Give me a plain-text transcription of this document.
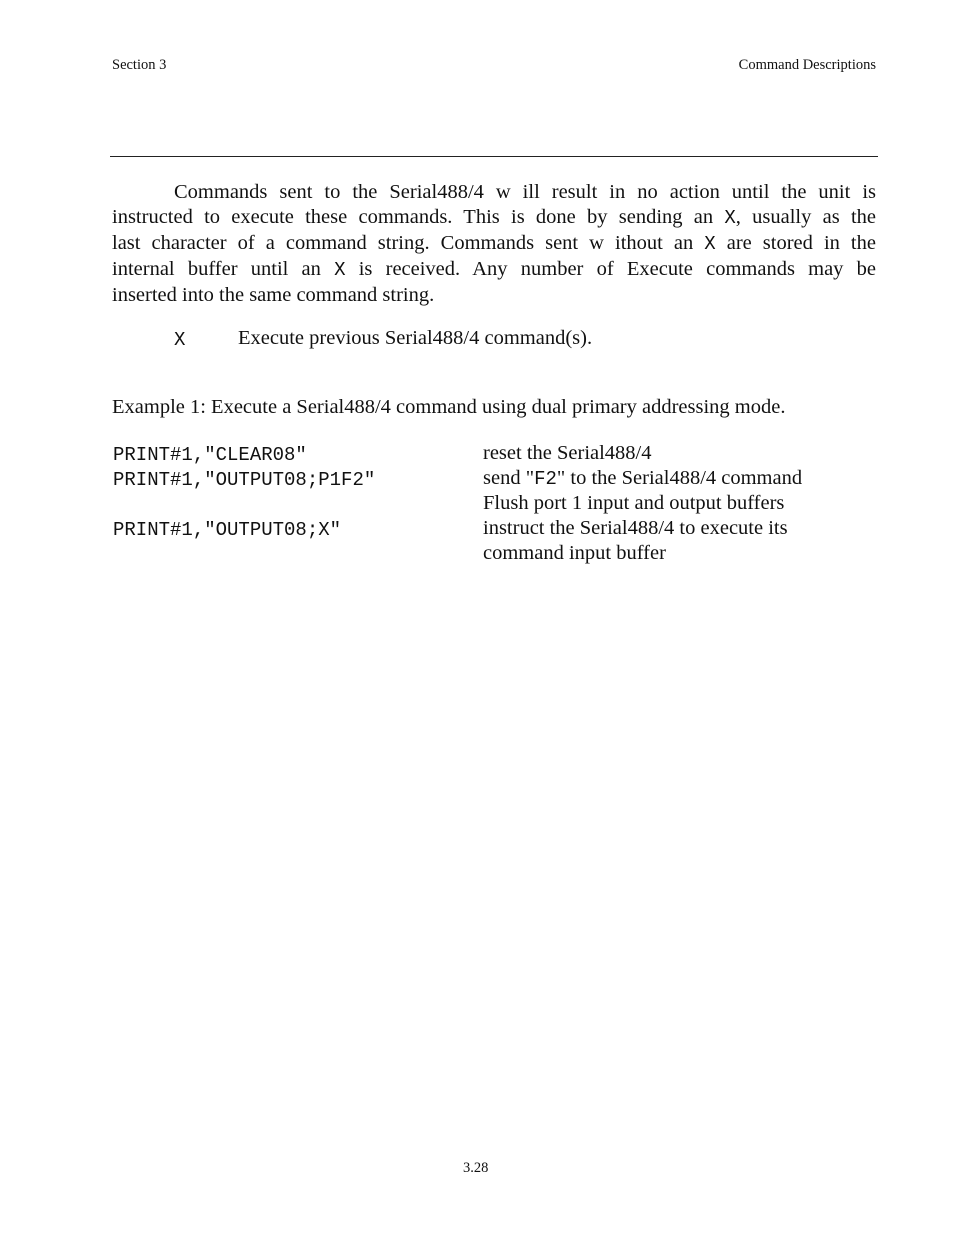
Section 3	Command Descriptions
Commands sent to the Serial488/4 w ill result in no action until the unit is
instructed to execute these commands. This is done by sending an X, usually as the
last character of a command string. Commands sent w ithout an X are stored in the
internal buffer until an X is received. Any number of Execute commands may be
inserted into the same command string.
X	Execute previous Serial488/4 command(s).
Example 1: Execute a Serial488/4 command using dual primary addressing mode.
PRINT#1,"CLEAR08"	reset the Serial488/4
PRINT#1,"OUTPUT08;P1F2"	send "F2" to the Serial488/4 command
Flush port 1 input and output buffers
PRINT#1,"OUTPUT08;X"	instruct the Serial488/4 to execute its
command input buffer
3.28
